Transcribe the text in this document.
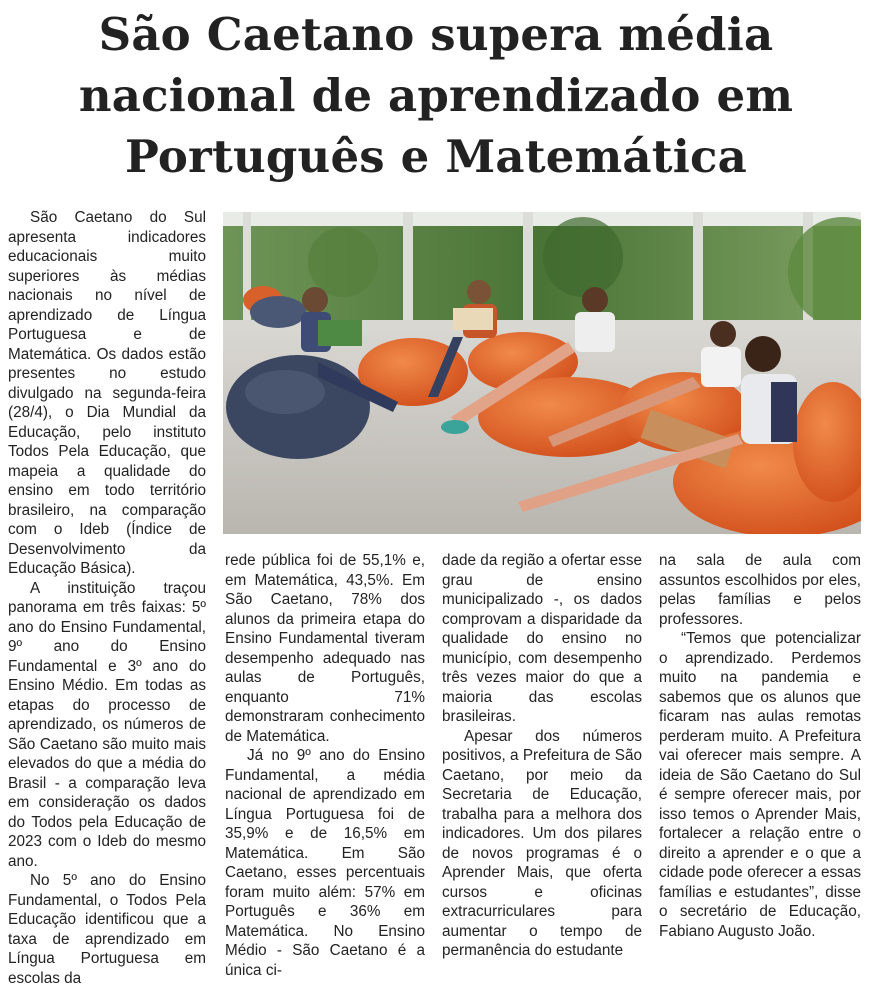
São Caetano supera média
nacional de aprendizado em
Português e Matemática

São Caetano do Sul apresenta indicadores educacionais muito superiores às médias nacionais no nível de aprendizado de Língua Portuguesa e de Matemática. Os dados estão presentes no estudo divulgado na segunda-feira (28/4), o Dia Mundial da Educação, pelo instituto Todos Pela Educação, que mapeia a qualidade do ensino em todo território brasileiro, na comparação com o Ideb (Índice de Desenvolvimento da Educação Básica).

A instituição traçou panorama em três faixas: 5º ano do Ensino Fundamental, 9º ano do Ensino Fundamental e 3º ano do Ensino Médio. Em todas as etapas do processo de aprendizado, os números de São Caetano são muito mais elevados do que a média do Brasil - a comparação leva em consideração os dados do Todos pela Educação de 2023 com o Ideb do mesmo ano.

No 5º ano do Ensino Fundamental, o Todos Pela Educação identificou que a taxa de aprendizado em Língua Portuguesa em escolas da

rede pública foi de 55,1% e, em Matemática, 43,5%. Em São Caetano, 78% dos alunos da primeira etapa do Ensino Fundamental tiveram desempenho adequado nas aulas de Português, enquanto 71% demonstraram conhecimento de Matemática.

Já no 9º ano do Ensino Fundamental, a média nacional de aprendizado em Língua Portuguesa foi de 35,9% e de 16,5% em Matemática. Em São Caetano, esses percentuais foram muito além: 57% em Português e 36% em Matemática. No Ensino Médio - São Caetano é a única ci-

dade da região a ofertar esse grau de ensino municipalizado -, os dados comprovam a disparidade da qualidade do ensino no município, com desempenho três vezes maior do que a maioria das escolas brasileiras.

Apesar dos números positivos, a Prefeitura de São Caetano, por meio da Secretaria de Educação, trabalha para a melhora dos indicadores. Um dos pilares de novos programas é o Aprender Mais, que oferta cursos e oficinas extracurriculares para aumentar o tempo de permanência do estudante

na sala de aula com assuntos escolhidos por eles, pelas famílias e pelos professores.

“Temos que potencializar o aprendizado. Perdemos muito na pandemia e sabemos que os alunos que ficaram nas aulas remotas perderam muito. A Prefeitura vai oferecer mais sempre. A ideia de São Caetano do Sul é sempre oferecer mais, por isso temos o Aprender Mais, fortalecer a relação entre o direito a aprender e o que a cidade pode oferecer a essas famílias e estudantes”, disse o secretário de Educação, Fabiano Augusto João.
